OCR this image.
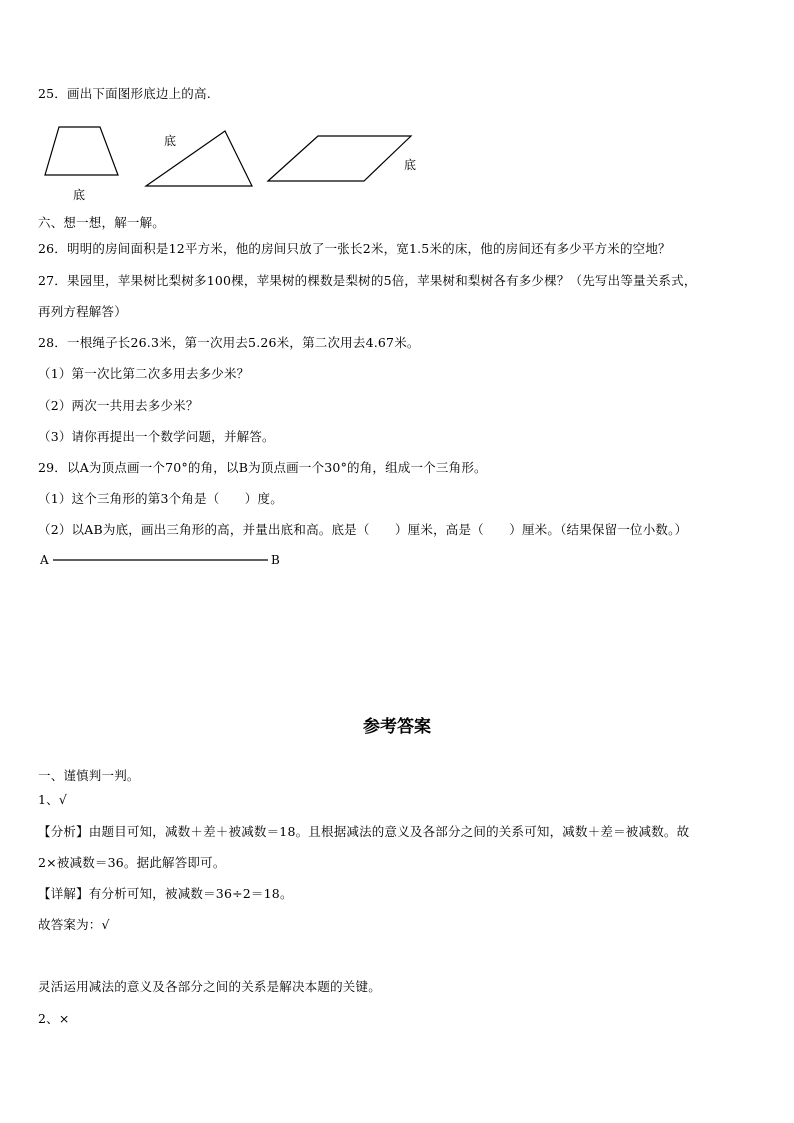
25．画出下面图形底边上的高.
底
底
底
六、想一想，解一解。
26．明明的房间面积是12平方米，他的房间只放了一张长2米，宽1.5米的床，他的房间还有多少平方米的空地？
27．果园里，苹果树比梨树多100棵，苹果树的棵数是梨树的5倍，苹果树和梨树各有多少棵？（先写出等量关系式，
再列方程解答）
28．一根绳子长26.3米，第一次用去5.26米，第二次用去4.67米。
（1）第一次比第二次多用去多少米？
（2）两次一共用去多少米？
（3）请你再提出一个数学问题，并解答。
29．以A为顶点画一个70°的角，以B为顶点画一个30°的角，组成一个三角形。
（1）这个三角形的第3个角是（　　）度。
（2）以AB为底，画出三角形的高，并量出底和高。底是（　　）厘米，高是（　　）厘米。（结果保留一位小数。）
A	B
参考答案
一、谨慎判一判。
1、√
【分析】由题目可知，减数＋差＋被减数＝18。且根据减法的意义及各部分之间的关系可知，减数＋差＝被减数。故
2×被减数＝36。据此解答即可。
【详解】有分析可知，被减数＝36÷2＝18。
故答案为：√
灵活运用减法的意义及各部分之间的关系是解决本题的关键。
2、×
